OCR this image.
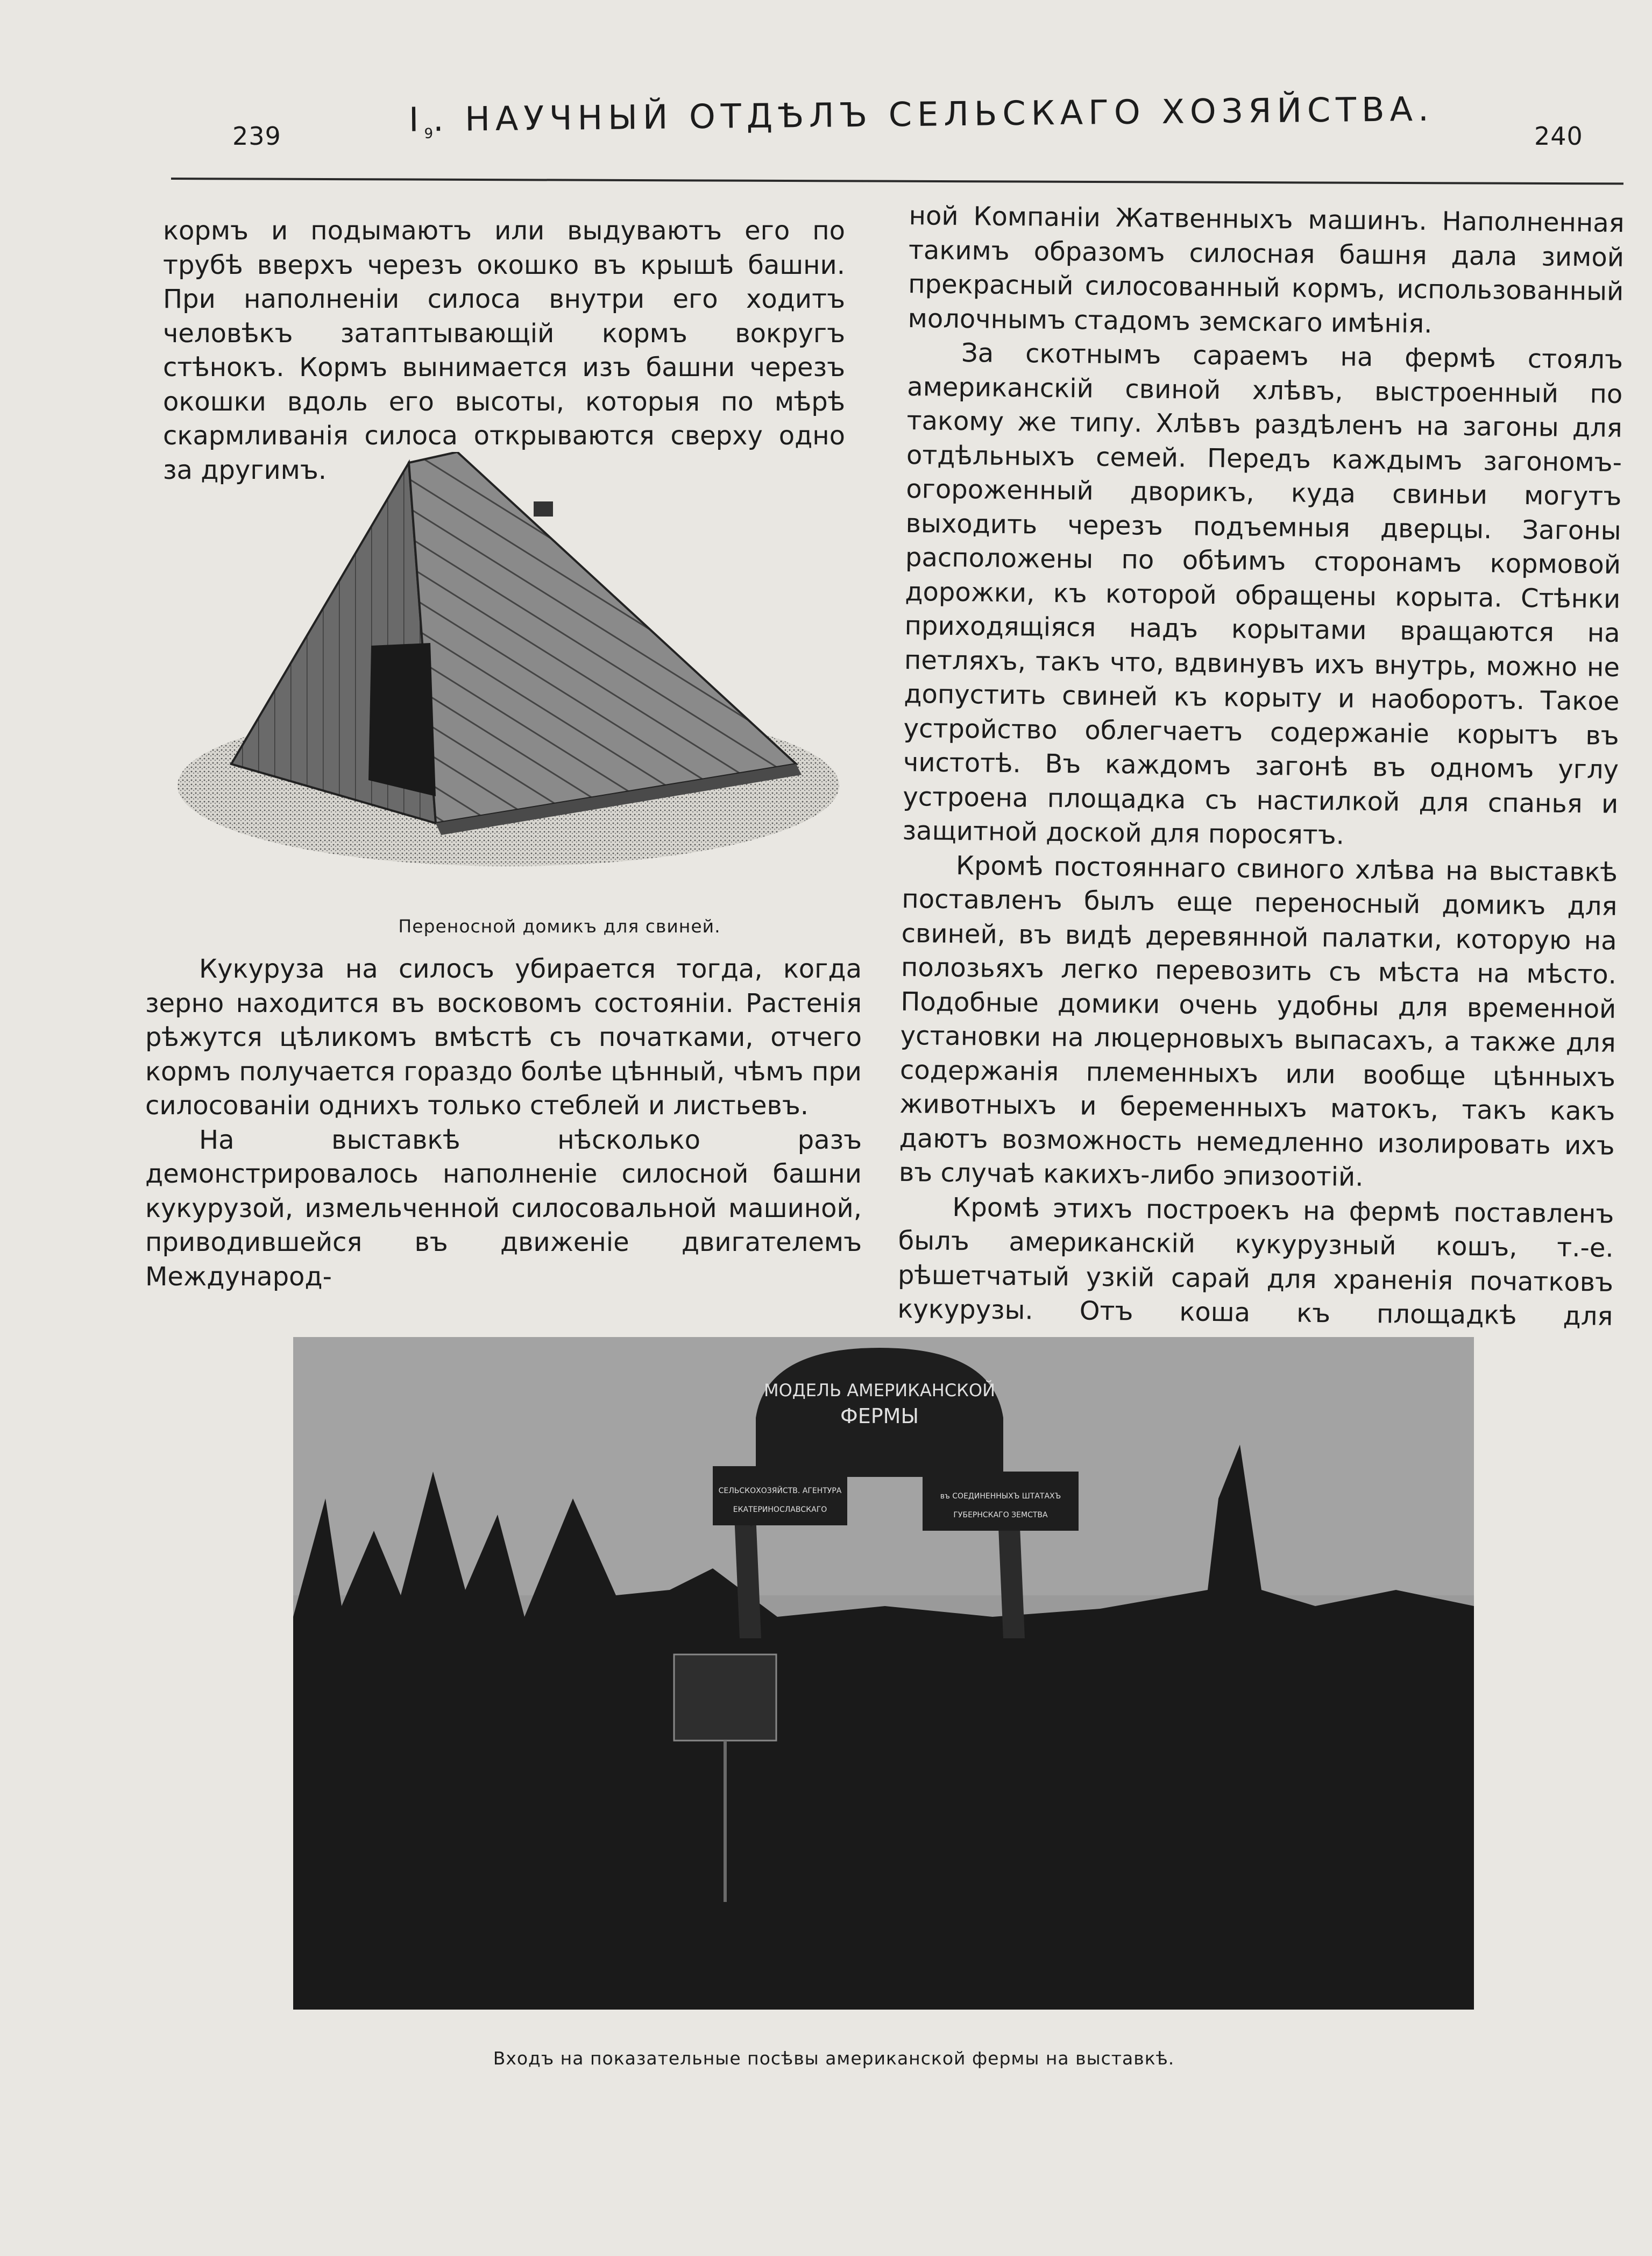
239	$I_9$. НАУЧНЫЙ ОТДѢЛЪ СЕЛЬСКАГО ХОЗЯЙСТВА.	240

кормъ и подымаютъ или выдуваютъ его по трубѣ вверхъ черезъ окошко въ крышѣ башни. При наполненіи силоса внутри его ходитъ человѣкъ затаптывающій кормъ вокругъ стѣнокъ. Кормъ вынимается изъ башни черезъ окошки вдоль его высоты, которыя по мѣрѣ скармливанія силоса открываются сверху одно за другимъ.

Переносной домикъ для свиней.

Кукуруза на силосъ убирается тогда, когда зерно находится въ восковомъ состояніи. Растенія рѣжутся цѣликомъ вмѣстѣ съ початками, отчего кормъ получается гораздо болѣе цѣнный, чѣмъ при силосованіи однихъ только стеблей и листьевъ.

На выставкѣ нѣсколько разъ демонстрировалось наполненіе силосной башни кукурузой, измельченной силосовальной машиной, приводившейся въ движеніе двигателемъ Международ-

ной Компаніи Жатвенныхъ машинъ. Наполненная такимъ образомъ силосная башня дала зимой прекрасный силосованный кормъ, использованный молочнымъ стадомъ земскаго имѣнія.

За скотнымъ сараемъ на фермѣ стоялъ американскій свиной хлѣвъ, выстроенный по такому же типу. Хлѣвъ раздѣленъ на загоны для отдѣльныхъ семей. Передъ каждымъ загономъ-огороженный дворикъ, куда свиньи могутъ выходить черезъ подъемныя дверцы. Загоны расположены по обѣимъ сторонамъ кормовой дорожки, къ которой обращены корыта. Стѣнки приходящіяся надъ корытами вращаются на петляхъ, такъ что, вдвинувъ ихъ внутрь, можно не допустить свиней къ корыту и наоборотъ. Такое устройство облегчаетъ содержаніе корытъ въ чистотѣ. Въ каждомъ загонѣ въ одномъ углу устроена площадка съ настилкой для спанья и защитной доской для поросятъ.

Кромѣ постояннаго свиного хлѣва на выставкѣ поставленъ былъ еще переносный домикъ для свиней, въ видѣ деревянной палатки, которую на полозьяхъ легко перевозить съ мѣста на мѣсто. Подобные домики очень удобны для временной установки на люцерновыхъ выпасахъ, а также для содержанія племенныхъ или вообще цѣнныхъ животныхъ и беременныхъ матокъ, такъ какъ даютъ возможность немедленно изолировать ихъ въ случаѣ какихъ-либо эпизоотій.

Кромѣ этихъ построекъ на фермѣ поставленъ былъ американскій кукурузный кошъ, т.-е. рѣшетчатый узкій сарай для храненія початковъ кукурузы. Отъ коша къ площадкѣ для

МОДЕЛЬ АМЕРИКАНСКОЙ
ФЕРМЫ
СЕЛЬСКОХОЗЯЙСТВ. АГЕНТУРА
ЕКАТЕРИНОСЛАВСКАГО
въ СОЕДИНЕННЫХЪ ШТАТАХЪ
ГУБЕРНСКАГО ЗЕМСТВА
Входъ на показательные посѣвы американской фермы на выставкѣ.
